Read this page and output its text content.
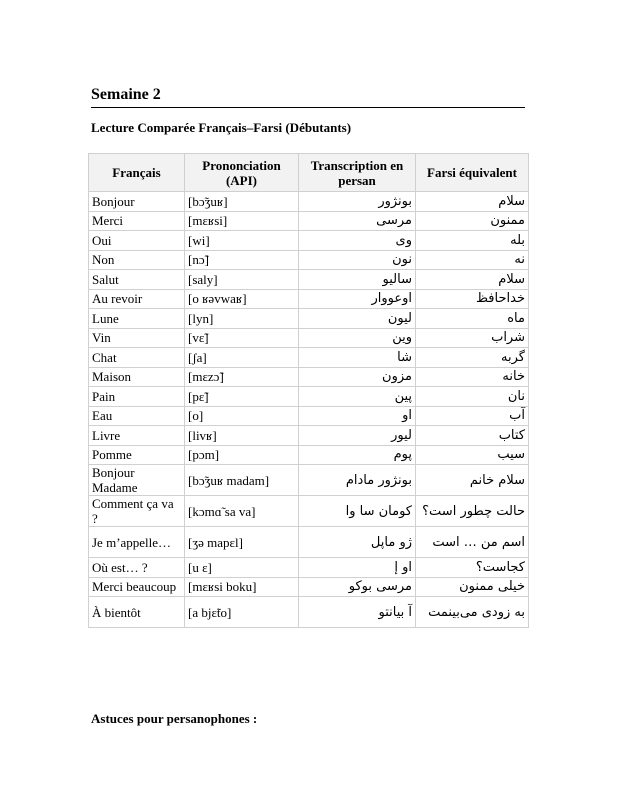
Semaine 2
Lecture Comparée Français–Farsi (Débutants)
Français	Prononciation (API)	Transcription en persan	Farsi équivalent
Bonjour	[bɔ̃ʒuʁ]	بونژور	سلام
Merci	[mɛʁsi]	مرسی	ممنون
Oui	[wi]	وی	بله
Non	[nɔ̃]	نون	نه
Salut	[saly]	سالیو	سلام
Au revoir	[o ʁəvwaʁ]	اوعووار	خداحافظ
Lune	[lyn]	لیون	ماه
Vin	[vɛ̃]	وین	شراب
Chat	[ʃa]	شا	گربه
Maison	[mɛzɔ̃]	مزون	خانه
Pain	[pɛ̃]	پین	نان
Eau	[o]	او	آب
Livre	[livʁ]	لیور	کتاب
Pomme	[pɔm]	پوم	سیب
Bonjour Madame	[bɔ̃ʒuʁ madam]	بونژور مادام	سلام خانم
Comment ça va ?	[kɔmɑ̃ sa va]	کومان سا وا	حالت چطور است؟
Je m’appelle…	[ʒə mapɛl]	ژو ماپل	اسم من … است
Où est… ?	[u ɛ]	او إ	کجاست؟
Merci beaucoup	[mɛʁsi boku]	مرسی بوکو	خیلی ممنون
À bientôt	[a bjɛ̃to]	آ بیانتو	به زودی می‌بینمت
Astuces pour persanophones :
